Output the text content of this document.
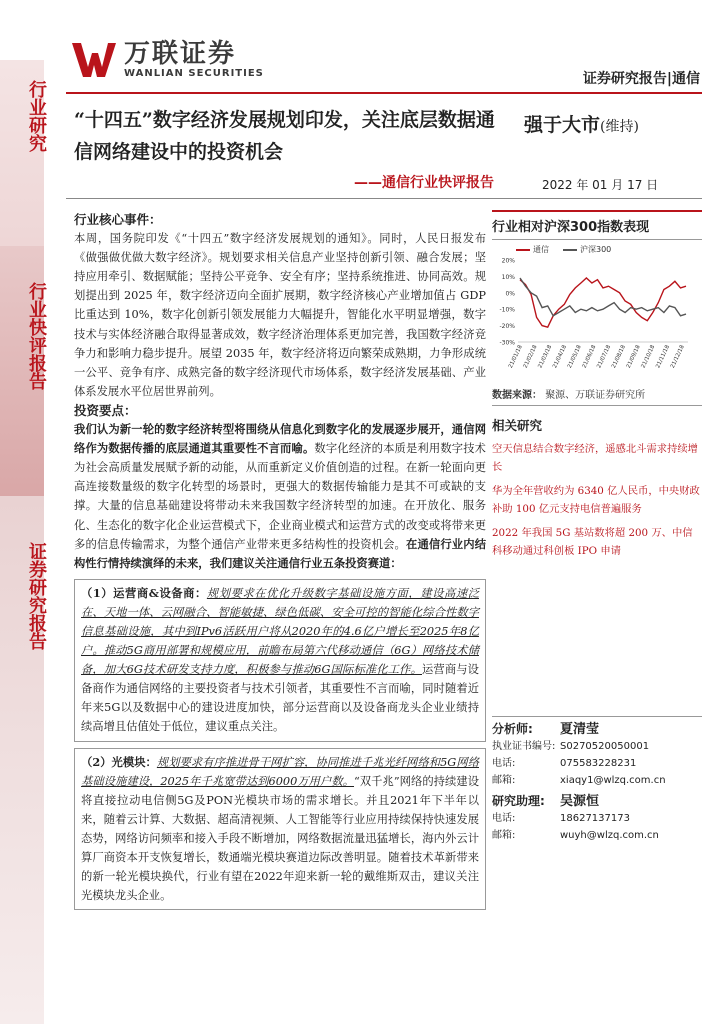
行业研究
行业快评报告
证券研究报告
万联证券
WANLIAN SECURITIES	证券研究报告|通信
“十四五”数字经济发展规划印发，关注底层数据通信网络建设中的投资机会
——通信行业快评报告
强于大市(维持)
2022 年 01 月 17 日
行业核心事件：

本周，国务院印发《“十四五”数字经济发展规划的通知》。同时，人民日报发布《做强做优做大数字经济》。规划要求相关信息产业坚持创新引领、融合发展；坚持应用牵引、数据赋能；坚持公平竞争、安全有序；坚持系统推进、协同高效。规划提出到 2025 年，数字经济迈向全面扩展期，数字经济核心产业增加值占 GDP 比重达到 10%，数字化创新引领发展能力大幅提升，智能化水平明显增强，数字技术与实体经济融合取得显著成效，数字经济治理体系更加完善，我国数字经济竞争力和影响力稳步提升。展望 2035 年，数字经济将迈向繁荣成熟期，力争形成统一公平、竞争有序、成熟完备的数字经济现代市场体系，数字经济发展基础、产业体系发展水平位居世界前列。

投资要点：

我们认为新一轮的数字经济转型将围绕从信息化到数字化的发展逐步展开，通信网络作为数据传播的底层通道其重要性不言而喻。数字化经济的本质是利用数字技术为社会高质量发展赋予新的动能，从而重新定义价值创造的过程。在新一轮面向更高连接数量级的数字化转型的场景时，更强大的数据传输能力是其不可或缺的支撑。大量的信息基础建设将带动未来我国数字经济转型的加速。在开放化、服务化、生态化的数字化企业运营模式下，企业商业模式和运营方式的改变或将带来更多的信息传输需求，为整个通信产业带来更多结构性的投资机会。在通信行业内结构性行情持续演绎的未来，我们建议关注通信行业五条投资赛道：

（1）运营商&设备商：规划要求在优化升级数字基础设施方面，建设高速泛在、天地一体、云网融合、智能敏捷、绿色低碳、安全可控的智能化综合性数字信息基础设施，其中到IPv6活跃用户将从2020年的4.6亿户增长至2025年8亿户。推动5G商用部署和规模应用，前瞻布局第六代移动通信（6G）网络技术储备，加大6G技术研发支持力度，积极参与推动6G国际标准化工作。运营商与设备商作为通信网络的主要投资者与技术引领者，其重要性不言而喻，同时随着近年来5G以及数据中心的建设进度加快，部分运营商以及设备商龙头企业业绩持续高增且估值处于低位，建议重点关注。

（2）光模块：规划要求有序推进骨干网扩容，协同推进千兆光纤网络和5G网络基础设施建设，2025年千兆宽带达到6000万用户数。“双千兆”网络的持续建设将直接拉动电信侧5G及PON光模块市场的需求增长。并且2021年下半年以来，随着云计算、大数据、超高清视频、人工智能等行业应用持续保持快速发展态势，网络访问频率和接入手段不断增加，网络数据流量迅猛增长，海内外云计算厂商资本开支恢复增长，数通端光模块赛道边际改善明显。随着技术革新带来的新一轮光模块换代，行业有望在2022年迎来新一轮的戴维斯双击，建议关注光模块龙头企业。

行业相对沪深300指数表现
20%
10%
0%
-10%
-20%
-30%
21/01/18
21/02/18
21/03/18
21/04/18
21/05/18
21/06/18
21/07/18
21/08/18
21/09/18
21/10/18
21/11/18
21/12/18
通信	沪深300
数据来源： 聚源、万联证券研究所
相关研究
空天信息结合数字经济，遥感北斗需求持续增长
华为全年营收约为 6340 亿人民币，中央财政补助 100 亿元支持电信普遍服务
2022 年我国 5G 基站数将超 200 万、中信科移动通过科创板 IPO 申请
分析师:	夏清莹
执业证书编号: S0270520050001
电话:	075583228231
邮箱:	xiaqy1@wlzq.com.cn
研究助理:	吴源恒
电话:	18627137173
邮箱:	wuyh@wlzq.com.cn
